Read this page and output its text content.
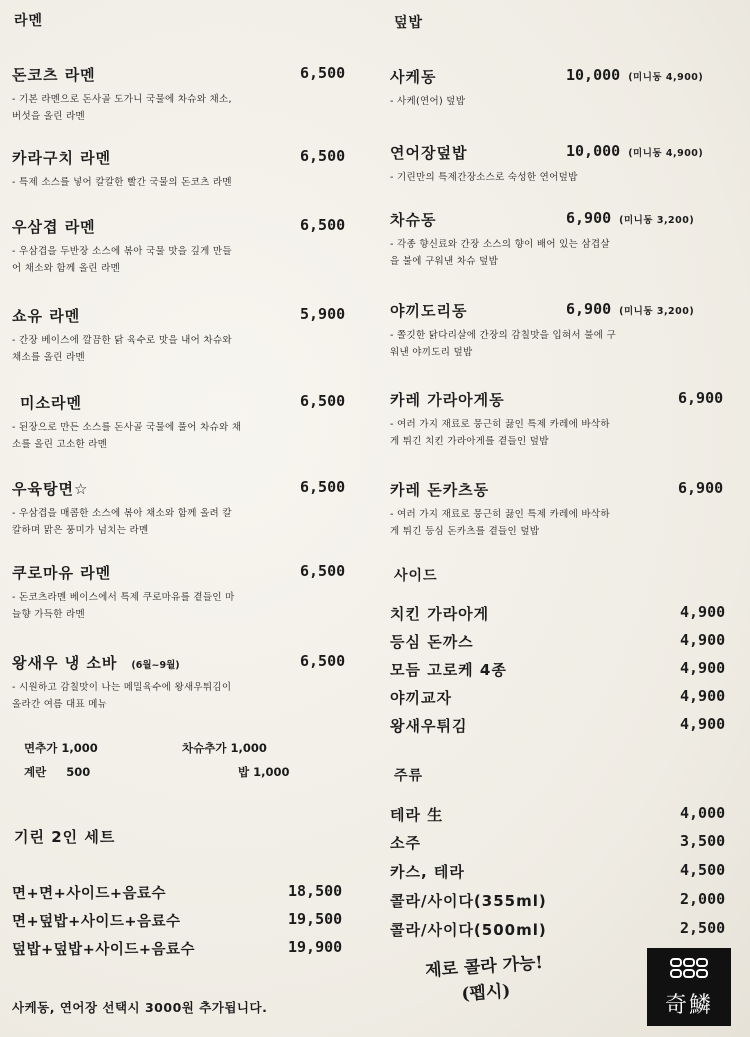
라멘
돈코츠 라멘	6,500
- 기본 라멘으로 돈사골 도가니 국물에 차슈와 채소,
버섯을 올린 라멘
카라구치 라멘	6,500
- 특제 소스를 넣어 칼칼한 빨간 국물의 돈코츠 라멘
우삼겹 라멘	6,500
- 우삼겹을 두반장 소스에 볶아 국물 맛을 깊게 만들
어 채소와 함께 올린 라멘
쇼유 라멘	5,900
- 간장 베이스에 깔끔한 닭 육수로 맛을 내어 차슈와
채소를 올린 라멘
미소라멘	6,500
- 된장으로 만든 소스를 돈사골 국물에 풀어 차슈와 채
소를 올린 고소한 라멘
우육탕면☆	6,500
- 우삼겹을 매콤한 소스에 볶아 채소와 함께 올려 칼
칼하며 맑은 풍미가 넘치는 라멘
쿠로마유 라멘	6,500
- 돈코츠라멘 베이스에서 특제 쿠로마유를 곁들인 마
늘향 가득한 라멘
왕새우 냉 소바 (6월~9월)	6,500
- 시원하고 감칠맛이 나는 메밀육수에 왕새우튀김이
올라간 여름 대표 메뉴
면추가 1,000	차슈추가 1,000
계란 500	밥 1,000
기린 2인 세트
면+면+사이드+음료수	18,500
면+덮밥+사이드+음료수	19,500
덮밥+덮밥+사이드+음료수	19,900
사케동, 연어장 선택시 3000원 추가됩니다.
덮밥
사케동	10,000 (미니동 4,900)
- 사케(연어) 덮밥
연어장덮밥	10,000 (미니동 4,900)
- 기린만의 특제간장소스로 숙성한 연어덮밥
차슈동	6,900 (미니동 3,200)
- 각종 향신료와 간장 소스의 향이 배어 있는 삼겹살
을 불에 구워낸 차슈 덮밥
야끼도리동	6,900 (미니동 3,200)
- 쫄깃한 닭다리살에 간장의 감칠맛을 입혀서 불에 구
워낸 야끼도리 덮밥
카레 가라아게동	6,900
- 여러 가지 재료로 뭉근히 끓인 특제 카레에 바삭하
게 튀긴 치킨 가라아게를 곁들인 덮밥
카레 돈카츠동	6,900
- 여러 가지 재료로 뭉근히 끓인 특제 카레에 바삭하
게 튀긴 등심 돈카츠를 곁들인 덮밥
사이드
치킨 가라아게	4,900
등심 돈까스	4,900
모듬 고로케 4종	4,900
야끼교자	4,900
왕새우튀김	4,900
주류
테라 生	4,000
소주	3,500
카스, 테라	4,500
콜라/사이다(355ml)	2,000
콜라/사이다(500ml)	2,500
제로 콜라 가능!
(펩시)
奇鱗
